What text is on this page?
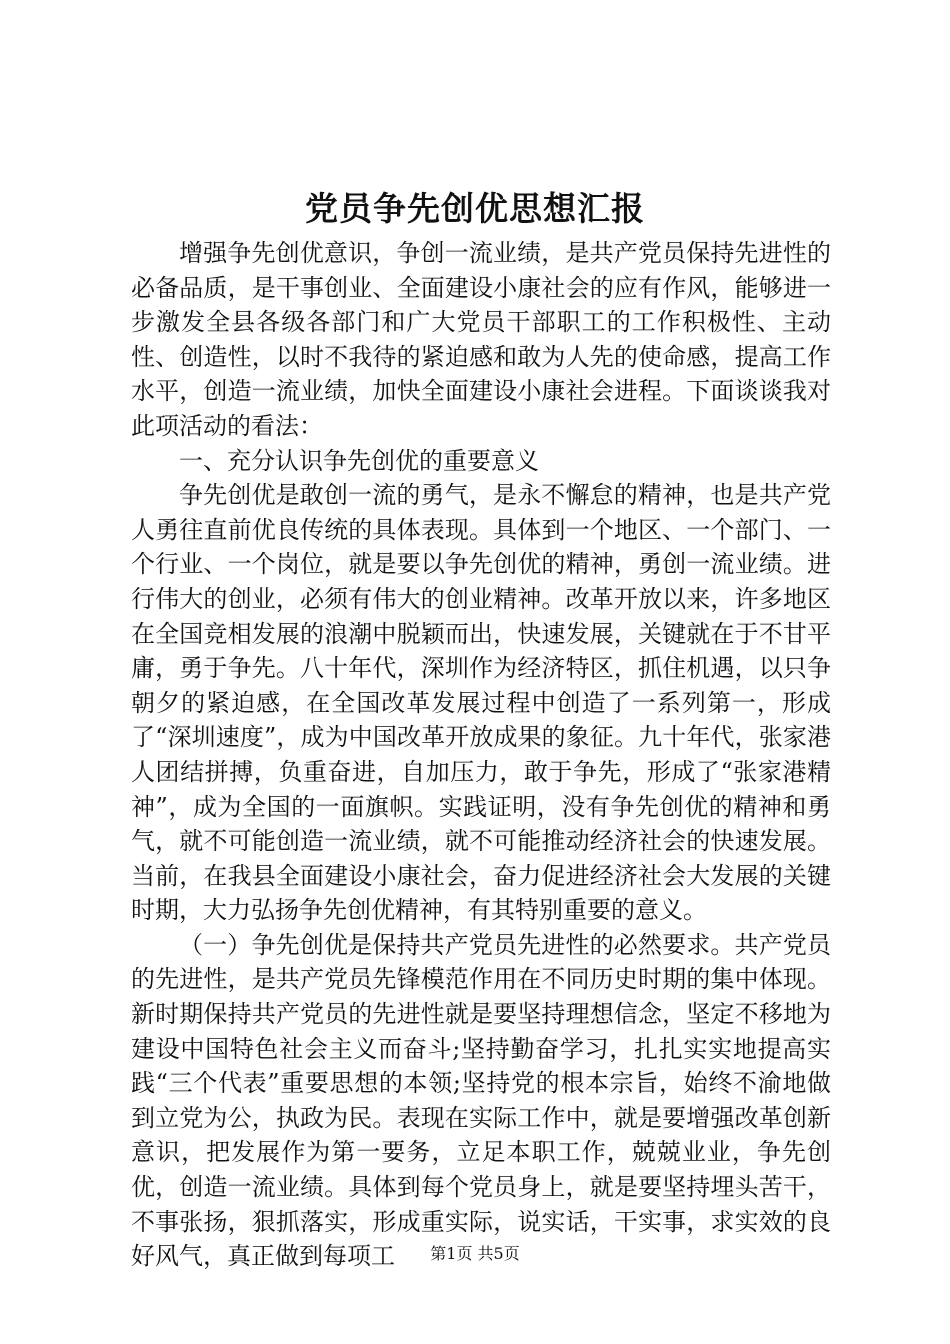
党员争先创优思想汇报

增强争先创优意识，争创一流业绩，是共产党员保持先进性的必备品质，是干事创业、全面建设小康社会的应有作风，能够进一步激发全县各级各部门和广大党员干部职工的工作积极性、主动性、创造性，以时不我待的紧迫感和敢为人先的使命感，提高工作水平，创造一流业绩，加快全面建设小康社会进程。下面谈谈我对此项活动的看法：

一、充分认识争先创优的重要意义

争先创优是敢创一流的勇气，是永不懈怠的精神，也是共产党人勇往直前优良传统的具体表现。具体到一个地区、一个部门、一个行业、一个岗位，就是要以争先创优的精神，勇创一流业绩。进行伟大的创业，必须有伟大的创业精神。改革开放以来，许多地区在全国竞相发展的浪潮中脱颖而出，快速发展，关键就在于不甘平庸，勇于争先。八十年代，深圳作为经济特区，抓住机遇，以只争朝夕的紧迫感，在全国改革发展过程中创造了一系列第一，形成了“深圳速度”，成为中国改革开放成果的象征。九十年代，张家港人团结拼搏，负重奋进，自加压力，敢于争先，形成了“张家港精神”，成为全国的一面旗帜。实践证明，没有争先创优的精神和勇气，就不可能创造一流业绩，就不可能推动经济社会的快速发展。当前，在我县全面建设小康社会，奋力促进经济社会大发展的关键时期，大力弘扬争先创优精神，有其特别重要的意义。

（一）争先创优是保持共产党员先进性的必然要求。共产党员的先进性，是共产党员先锋模范作用在不同历史时期的集中体现。新时期保持共产党员的先进性就是要坚持理想信念，坚定不移地为建设中国特色社会主义而奋斗;坚持勤奋学习，扎扎实实地提高实践“三个代表”重要思想的本领;坚持党的根本宗旨，始终不渝地做到立党为公，执政为民。表现在实际工作中，就是要增强改革创新意识，把发展作为第一要务，立足本职工作，兢兢业业，争先创优，创造一流业绩。具体到每个党员身上，就是要坚持埋头苦干，不事张扬，狠抓落实，形成重实际，说实话，干实事，求实效的良好风气，真正做到每项工	第1页 共5页
